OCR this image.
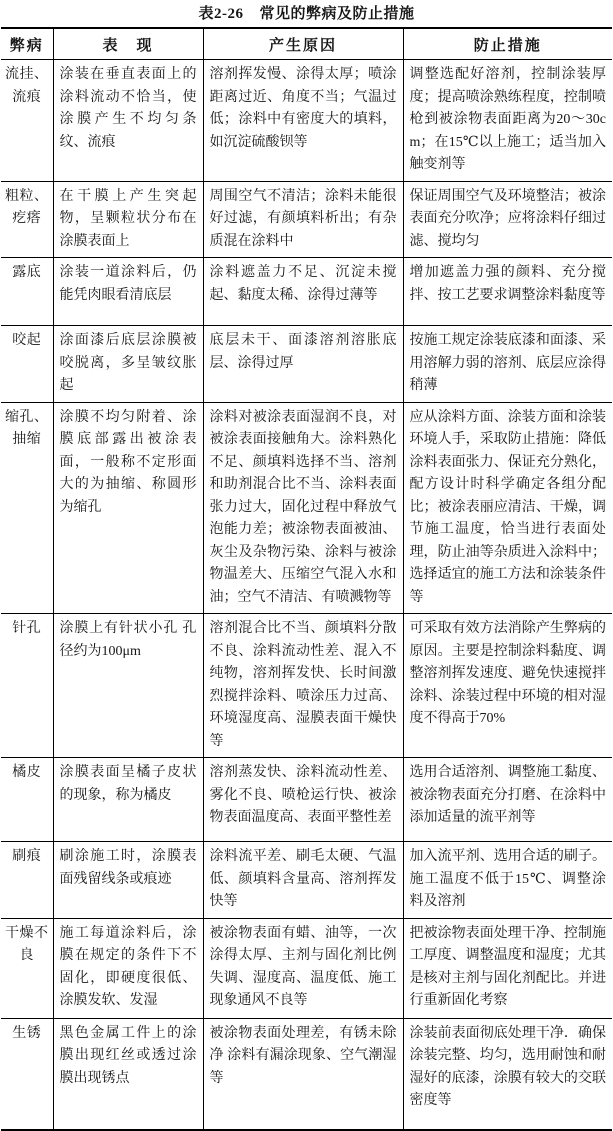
表2-26 常见的弊病及防止措施
弊病	表　现	产生原因	防止措施
流挂、流痕	涂装在垂直表面上的涂料流动不恰当，使涂膜产生不均匀条纹、流痕	溶剂挥发慢、涂得太厚；喷涂距离过近、角度不当；气温过低；涂料中有密度大的填料，如沉淀硫酸钡等	调整选配好溶剂，控制涂装厚度；提高喷涂熟练程度，控制喷枪到被涂物表面距离为20～30cm；在15℃以上施工；适当加入触变剂等
粗粒、疙瘩	在干膜上产生突起物，呈颗粒状分布在涂膜表面上	周围空气不清洁；涂料未能很好过滤，有颜填料析出；有杂质混在涂料中	保证周围空气及环境整洁；被涂表面充分吹净；应将涂料仔细过滤、搅均匀
露底	涂装一道涂料后，仍能凭肉眼看清底层	涂料遮盖力不足、沉淀未搅起、黏度太稀、涂得过薄等	增加遮盖力强的颜料、充分搅拌、按工艺要求调整涂料黏度等
咬起	涂面漆后底层涂膜被咬脱离，多呈皱纹胀起	底层未干、面漆溶剂溶胀底层、涂得过厚	按施工规定涂装底漆和面漆、采用溶解力弱的溶剂、底层应涂得稍薄
缩孔、抽缩	涂膜不均匀附着、涂膜底部露出被涂表面，一般称不定形面大的为抽缩、称圆形为缩孔	涂料对被涂表面湿润不良，对被涂表面接触角大。涂料熟化不足、颜填料选择不当、溶剂和助剂混合比不当、涂料表面张力过大，固化过程中释放气泡能力差；被涂物表面被油、灰尘及杂物污染、涂料与被涂物温差大、压缩空气混入水和油；空气不清洁、有喷溅物等	应从涂料方面、涂装方面和涂装环境人手，采取防止措施：降低涂料表面张力、保证充分熟化，配方设计时科学确定各组分配比；被涂表丽应清洁、干燥，调节施工温度，恰当进行表面处理，防止油等杂质进入涂料中；选择适宜的施工方法和涂装条件等
针孔	涂膜上有针状小孔 孔径约为100μm	溶剂混合比不当、颜填料分散不良、涂料流动性差、混入不纯物，溶剂挥发快、长时间激烈搅拌涂料、喷涂压力过高、环境湿度高、湿膜表面干燥快等	可采取有效方法消除产生弊病的原因。主要是控制涂料黏度、调整溶剂挥发速度、避免快速搅拌涂料、涂装过程中环境的相对湿度不得高于70%
橘皮	涂膜表面呈橘子皮状的现象，称为橘皮	溶剂蒸发快、涂料流动性差、雾化不良、喷枪运行快、被涂物表面温度高、表面平整性差	选用合适溶剂、调整施工黏度、被涂物表面充分打磨、在涂料中添加适量的流平剂等
刷痕	刷涂施工时，涂膜表面残留线条或痕迹	涂料流平差、刷毛太硬、气温低、颜填料含量高、溶剂挥发快等	加入流平剂、选用合适的刷子。施工温度不低于15℃、调整涂料及溶剂
干燥不良	施工每道涂料后，涂膜在规定的条件下不固化，即硬度很低、涂膜发软、发湿	被涂物表面有蜡、油等，一次涂得太厚、主剂与固化剂比例失调、湿度高、温度低、施工现象通风不良等	把被涂物表面处理干净、控制施工厚度、调整温度和湿度；尤其是核对主剂与固化剂配比。并进行重新固化考察
生锈	黑色金属工件上的涂膜出现红丝或透过涂膜出现锈点	被涂物表面处理差，有锈未除净 涂料有漏涂现象、空气潮湿等	涂装前表面彻底处理干净．确保涂装完整、均匀，选用耐蚀和耐湿好的底漆，涂膜有较大的交联密度等
